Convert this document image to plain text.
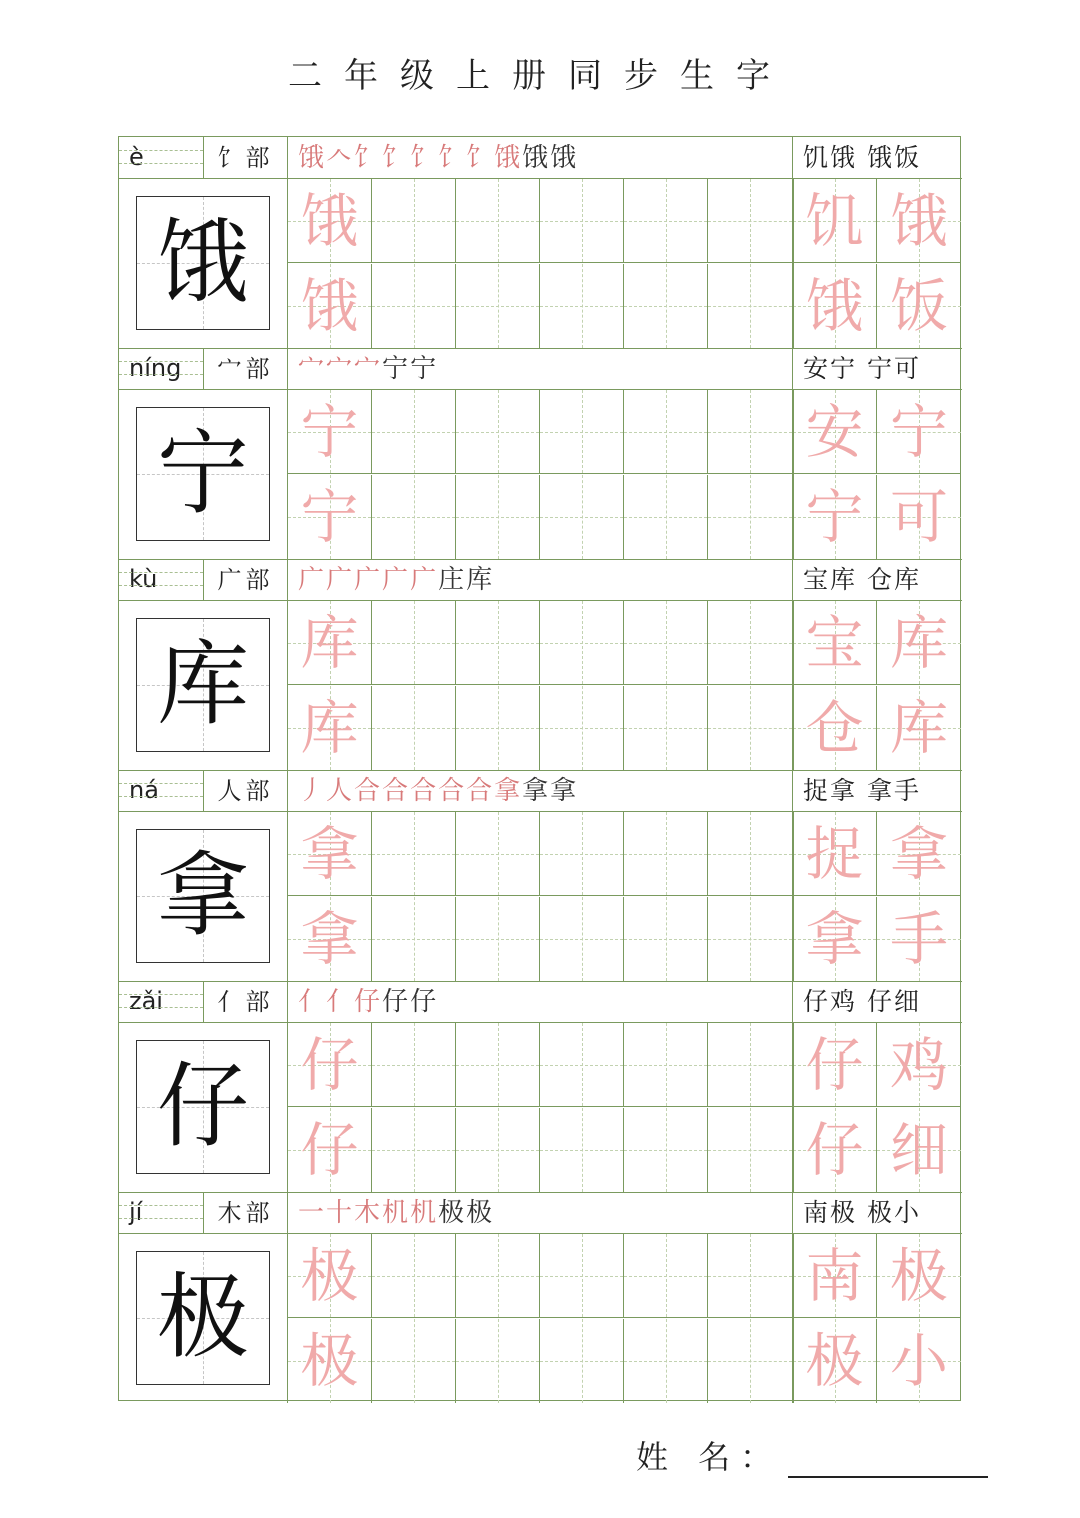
二年级上册同步生字
è	饣部 饿𠆢饣饣饣饣饣饿饿饿	饥饿 饿饭
饿 饿	饥 饿
饿	饿 饭
níng	宀部 宀宀宀宁宁	安宁 宁可
宁 宁	安 宁
宁	宁 可
kù	广部 广广广广广庄库	宝库 仓库
库 库	宝 库
库	仓 库
ná	人部 丿人合合合合合拿拿拿	捉拿 拿手
拿 拿	捉 拿
拿	拿 手
zǎi	亻部 亻亻仔仔仔	仔鸡 仔细
仔 仔	仔 鸡
仔	仔 细
jí	木部 一十木机机极极	南极 极小
极 极	南 极
极	极 小
姓 名：
